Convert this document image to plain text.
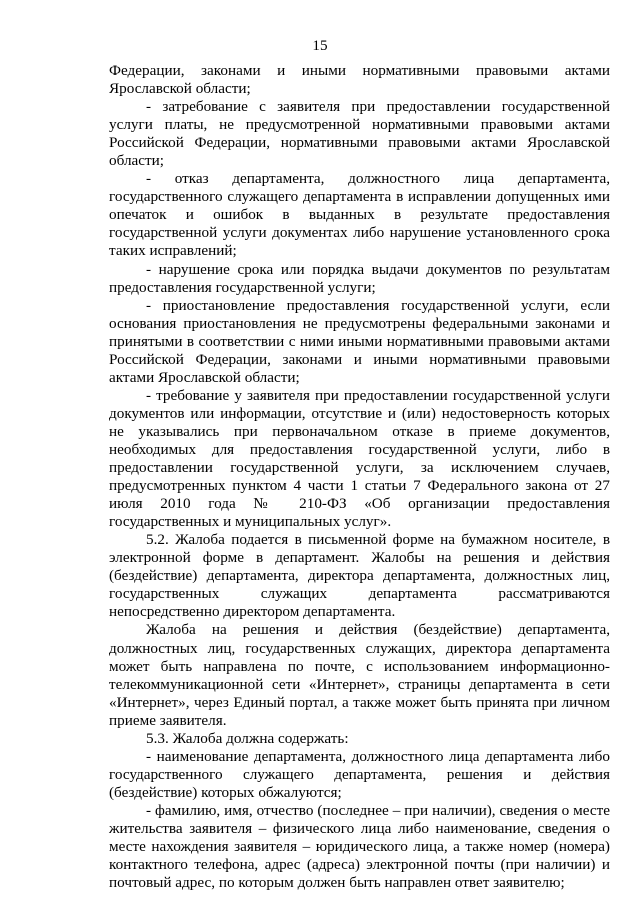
15

Федерации, законами и иными нормативными правовыми актами Ярославской области;

- затребование с заявителя при предоставлении государственной услуги платы, не предусмотренной нормативными правовыми актами Российской Федерации, нормативными правовыми актами Ярославской области;

- отказ департамента, должностного лица департамента, государственного служащего департамента в исправлении допущенных ими опечаток и ошибок в выданных в результате предоставления государственной услуги документах либо нарушение установленного срока таких исправлений;

- нарушение срока или порядка выдачи документов по результатам предоставления государственной услуги;

- приостановление предоставления государственной услуги, если основания приостановления не предусмотрены федеральными законами и принятыми в соответствии с ними иными нормативными правовыми актами Российской Федерации, законами и иными нормативными правовыми актами Ярославской области;

- требование у заявителя при предоставлении государственной услуги документов или информации, отсутствие и (или) недостоверность которых не указывались при первоначальном отказе в приеме документов, необходимых для предоставления государственной услуги, либо в предоставлении государственной услуги, за исключением случаев, предусмотренных пунктом 4 части 1 статьи 7 Федерального закона от 27 июля 2010 года № 210-ФЗ «Об организации предоставления государственных и муниципальных услуг».

5.2. Жалоба подается в письменной форме на бумажном носителе, в электронной форме в департамент. Жалобы на решения и действия (бездействие) департамента, директора департамента, должностных лиц, государственных служащих департамента рассматриваются непосредственно директором департамента.

Жалоба на решения и действия (бездействие) департамента, должностных лиц, государственных служащих, директора департамента может быть направлена по почте, с использованием информационно-телекоммуникационной сети «Интернет», страницы департамента в сети «Интернет», через Единый портал, а также может быть принята при личном приеме заявителя.

5.3. Жалоба должна содержать:

- наименование департамента, должностного лица департамента либо государственного служащего департамента, решения и действия (бездействие) которых обжалуются;

- фамилию, имя, отчество (последнее – при наличии), сведения о месте жительства заявителя – физического лица либо наименование, сведения о месте нахождения заявителя – юридического лица, а также номер (номера) контактного телефона, адрес (адреса) электронной почты (при наличии) и почтовый адрес, по которым должен быть направлен ответ заявителю;
